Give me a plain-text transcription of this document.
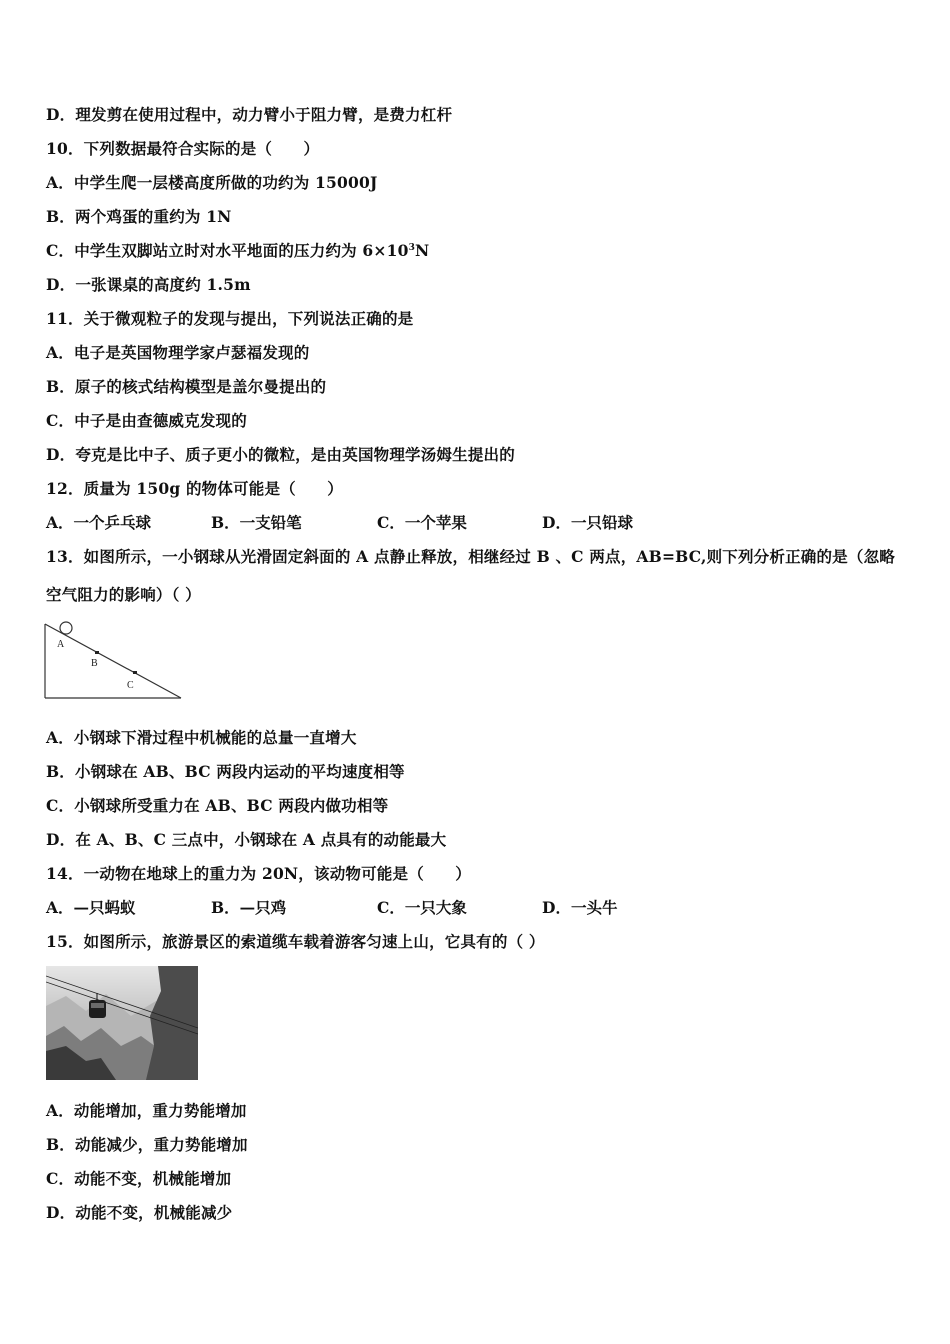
D．理发剪在使用过程中，动力臂小于阻力臂，是费力杠杆
10．下列数据最符合实际的是（　　）
A．中学生爬一层楼高度所做的功约为 15000J
B．两个鸡蛋的重约为 1N
C．中学生双脚站立时对水平地面的压力约为 $6\times 10^3N$
D．一张课桌的高度约 1.5m
11．关于微观粒子的发现与提出，下列说法正确的是
A．电子是英国物理学家卢瑟福发现的
B．原子的核式结构模型是盖尔曼提出的
C．中子是由查德威克发现的
D．夸克是比中子、质子更小的微粒，是由英国物理学汤姆生提出的
12．质量为 150g 的物体可能是（　　）
A．一个乒乓球	B．一支铅笔	C．一个苹果	D．一只铅球
13．如图所示，一小钢球从光滑固定斜面的 A 点静止释放，相继经过 B 、C 两点，AB=BC,则下列分析正确的是（忽略
空气阻力的影响）（ ）
A
B
C
A．小钢球下滑过程中机械能的总量一直增大
B．小钢球在 AB、BC 两段内运动的平均速度相等
C．小钢球所受重力在 AB、BC 两段内做功相等
D．在 A、B、C 三点中，小钢球在 A 点具有的动能最大
14．一动物在地球上的重力为 20N，该动物可能是（　　）
A．—只蚂蚁	B．—只鸡	C．一只大象	D．一头牛
15．如图所示，旅游景区的索道缆车载着游客匀速上山，它具有的（ ）
A．动能增加，重力势能增加
B．动能减少，重力势能增加
C．动能不变，机械能增加
D．动能不变，机械能减少
